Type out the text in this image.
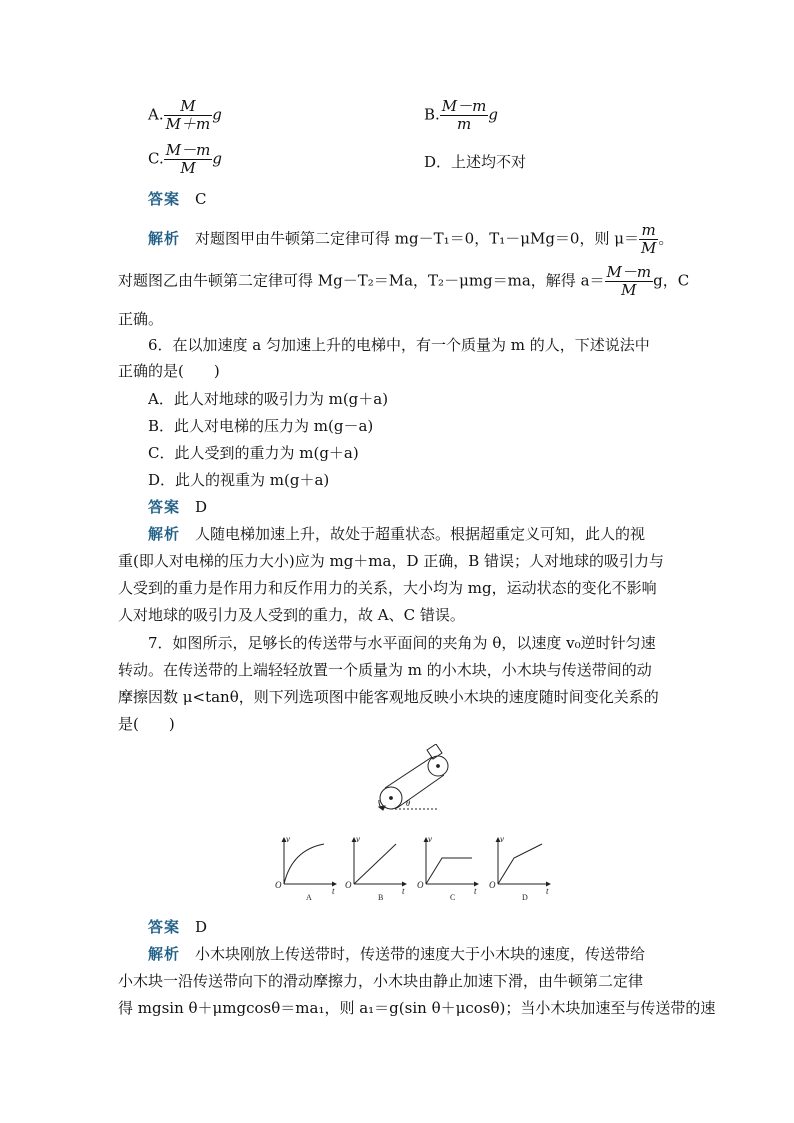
A. $\frac{M}{M+m}$ g	B. $\frac{M-m}{m}$ g
C. $\frac{M-m}{M}$ g	D．上述均不对
答案　 C
解析　 对题图甲由牛顿第二定律可得 mg－T₁＝0，T₁－μMg＝0，则 $\mu= \frac{m}{M}$ 。
对题图乙由牛顿第二定律可得 Mg－T₂＝Ma，T₂－μmg＝ma，解得 $a= \frac{M-m}{M}$ g，C
正确。
6．在以加速度 a 匀加速上升的电梯中，有一个质量为 m 的人，下述说法中
正确的是(　　)
A．此人对地球的吸引力为 m(g＋a)
B．此人对电梯的压力为 m(g－a)
C．此人受到的重力为 m(g＋a)
D．此人的视重为 m(g＋a)
答案　 D
解析　 人随电梯加速上升，故处于超重状态。根据超重定义可知，此人的视
重(即人对电梯的压力大小)应为 mg＋ma，D 正确，B 错误；人对地球的吸引力与
人受到的重力是作用力和反作用力的关系，大小均为 mg，运动状态的变化不影响
人对地球的吸引力及人受到的重力，故 A、C 错误。
7．如图所示，足够长的传送带与水平面间的夹角为 θ，以速度 v₀逆时针匀速
转动。在传送带的上端轻轻放置一个质量为 m 的小木块，小木块与传送带间的动
摩擦因数 μ<tanθ，则下列选项图中能客观地反映小木块的速度随时间变化关系的
是(　　)
θ
v
t
O
A
v
t
O
B
v
t
O
C
v
t
O
D
答案　 D
解析　 小木块刚放上传送带时，传送带的速度大于小木块的速度，传送带给
小木块一沿传送带向下的滑动摩擦力，小木块由静止加速下滑，由牛顿第二定律
得 mgsin θ＋μmgcosθ＝ma₁，则 a₁＝g(sin θ＋μcosθ)；当小木块加速至与传送带的速
